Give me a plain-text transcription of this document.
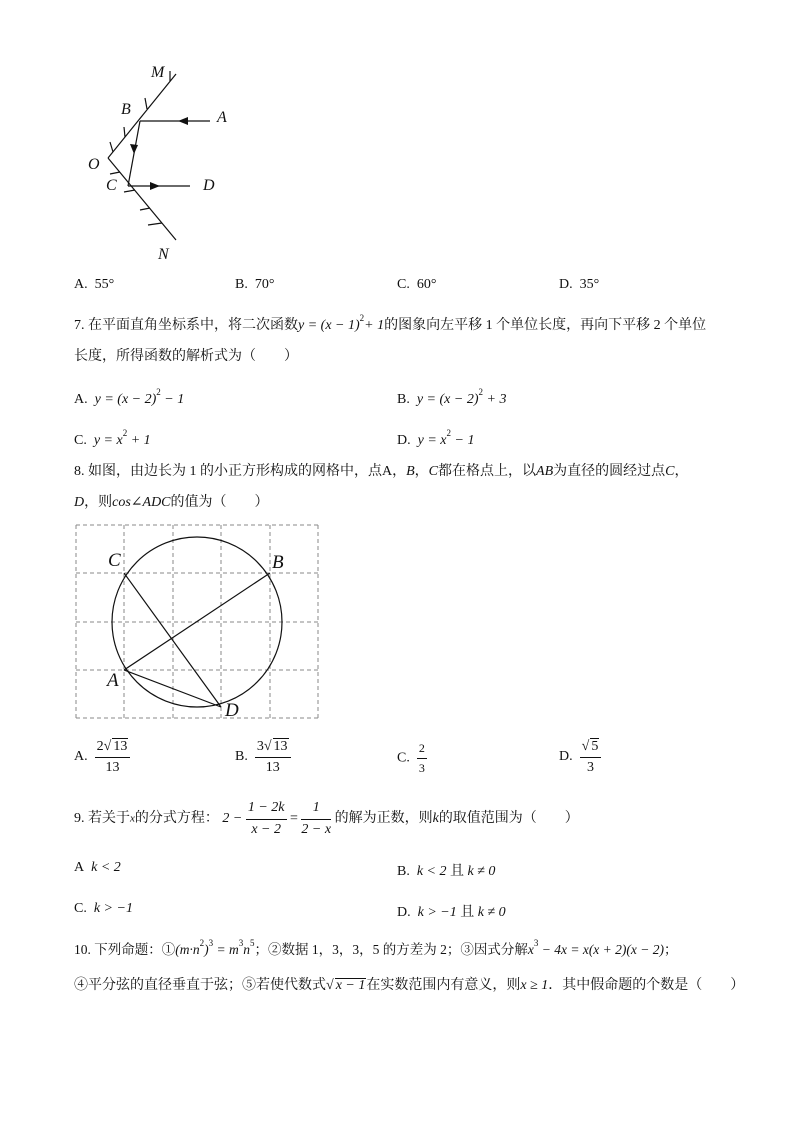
M
B	A
O
C	D
N
A. 55°	B. 70°	C. 60°	D. 35°
7. 在平面直角坐标系中，将二次函数$y = (x - 1)^2+ 1$的图象向左平移 1 个单位长度，再向下平移 2 个单位
长度，所得函数的解析式为（　　）
A. $y = (x - 2)^2 - 1$	B. $y = (x - 2)^2 + 3$
C. $y = x^2 + 1$	D. $y = x^2 - 1$
8. 如图，由边长为 1 的小正方形构成的网格中，点A，B，C都在格点上，以AB为直径的圆经过点C，
D，则cos∠ADC的值为（　　）
C	B
A
D
A. $\frac{2√ 13}{13}$	B. $\frac{3√ 13}{13}$	C. $\frac{2}{3}$	D. $\frac{√ 5}{3}$
9. 若关于x的分式方程： $2 - \frac{1 - 2k}{x - 2} = \frac{1}{2 - x}$ 的解为正数，则k的取值范围为（　　）
A k < 2	B. k < 2 且 k ≠ 0
C. k > −1	D. k > −1 且 k ≠ 0
10. 下列命题：$①(m\cdot n^2)^3 = m^3n^5$；②数据 1，3，3，5 的方差为 2；③因式分解$x^3 - 4x = x(x + 2)(x - 2)$；
④平分弦的直径垂直于弦；⑤若使代数式√ x − 1在实数范围内有意义，则x ≥ 1．其中假命题的个数是（　　）
